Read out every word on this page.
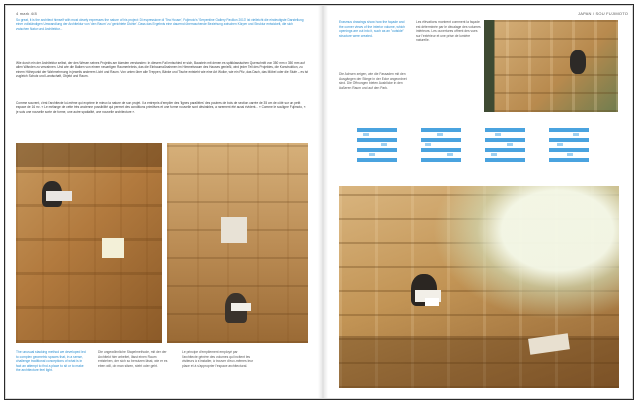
4 mark 4/8
So great, it is the architect himself with most clearly expresses the nature of his project: Di espressione di 'Tea House', Fujimoto's 'Serpentine Gallery Pavilion 2013' ist vielleicht die eindeutigste Darstellung einer vollständigen Umwandlung der Architektur von 'den Raum' zu 'gerichtete Dichte'. Dass das Ergebnis eine dauernd überraschende Beziehung zwischen Körper und Struktur entwickelt, die sich zwischen Natur und Architektur...
Wie durch ein der Architektur selbst, der des Wesen seines Projekts am klarsten verstanden: In diesem Fall entschied er sich, Baustein mit denen es spätklassischen Querschnitt von 350 mm x 350 mm auf allen Wänden zu verzahnen. Und wie die Balken von einem neuartigen Raumerlebnis, das die Einbaumaßnahmen im Himmelsraum des Hauses genießt, wird jeder Teil des Projektes, die Konstruktion, zu einem Höhepunkt der Wahrnehmung in jeweils anderem Licht und Raum. Von unten über alle Treppen, Bänke und Tische entsteht wie eine Art Wolke, wie ein Pilz, das Dach, das Möbel oder die Stufe – es ist zugleich Schutz und Landschaft, Objekt und Raum.
Comme souvent, c'est l'architecte lui-même qui exprime le mieux la nature de son projet. Il a entrepris d'empiler des 'lignes parallèles' des poutres de bois de section carrée de 35 cm de côté sur un petit espace de 16 m². « Le mélange de cette très ancienne possibilité qui permet des conditions primitives et une forme nouvelle sont désirables, a rarement été aussi évident... » Comme le souligne Fujimoto, « je suis une nouvelle sorte de forme, une autre spatialité, une nouvelle architecture ».
The unusual stacking method we developed led to complex geometric spaces that, in a sense, challenge traditional conceptions of what is in fact an attempt to find a place to sit or to make the architecture feel light.
Die ungewöhnliche Stapelmethode, mit der der Architekt hier arbeitet, lässt einen Raum entstehen, der sich so benutzen lässt, wie er es eben will, ob man sitzen, steht oder geht.
Le principe d'empilement employé par l'architecte génère des volumes qui incitent les visiteurs à s'installer, à trouver d'eux-mêmes leur place et à s'approprier l'espace architectural.
JAPAN / SOU FUJIMOTO
Erasmus drawings show how the façade and the corner views of the interior volume, which openings are cut into it, such as an "outside" structure were created.
Die Achsen zeigen, wie die Fassaden mit den Ausgängen der Stiege in der Ecke angeordnet sind. Die Öffnungen bieten Ausblicke in den äußeren Raum und auf den Park.
Les élévations montrent comment la façade est déterminée par le décalage des volumes intérieurs. Les ouvertures offrent des vues sur l'extérieur et une prise de lumière naturelle.
